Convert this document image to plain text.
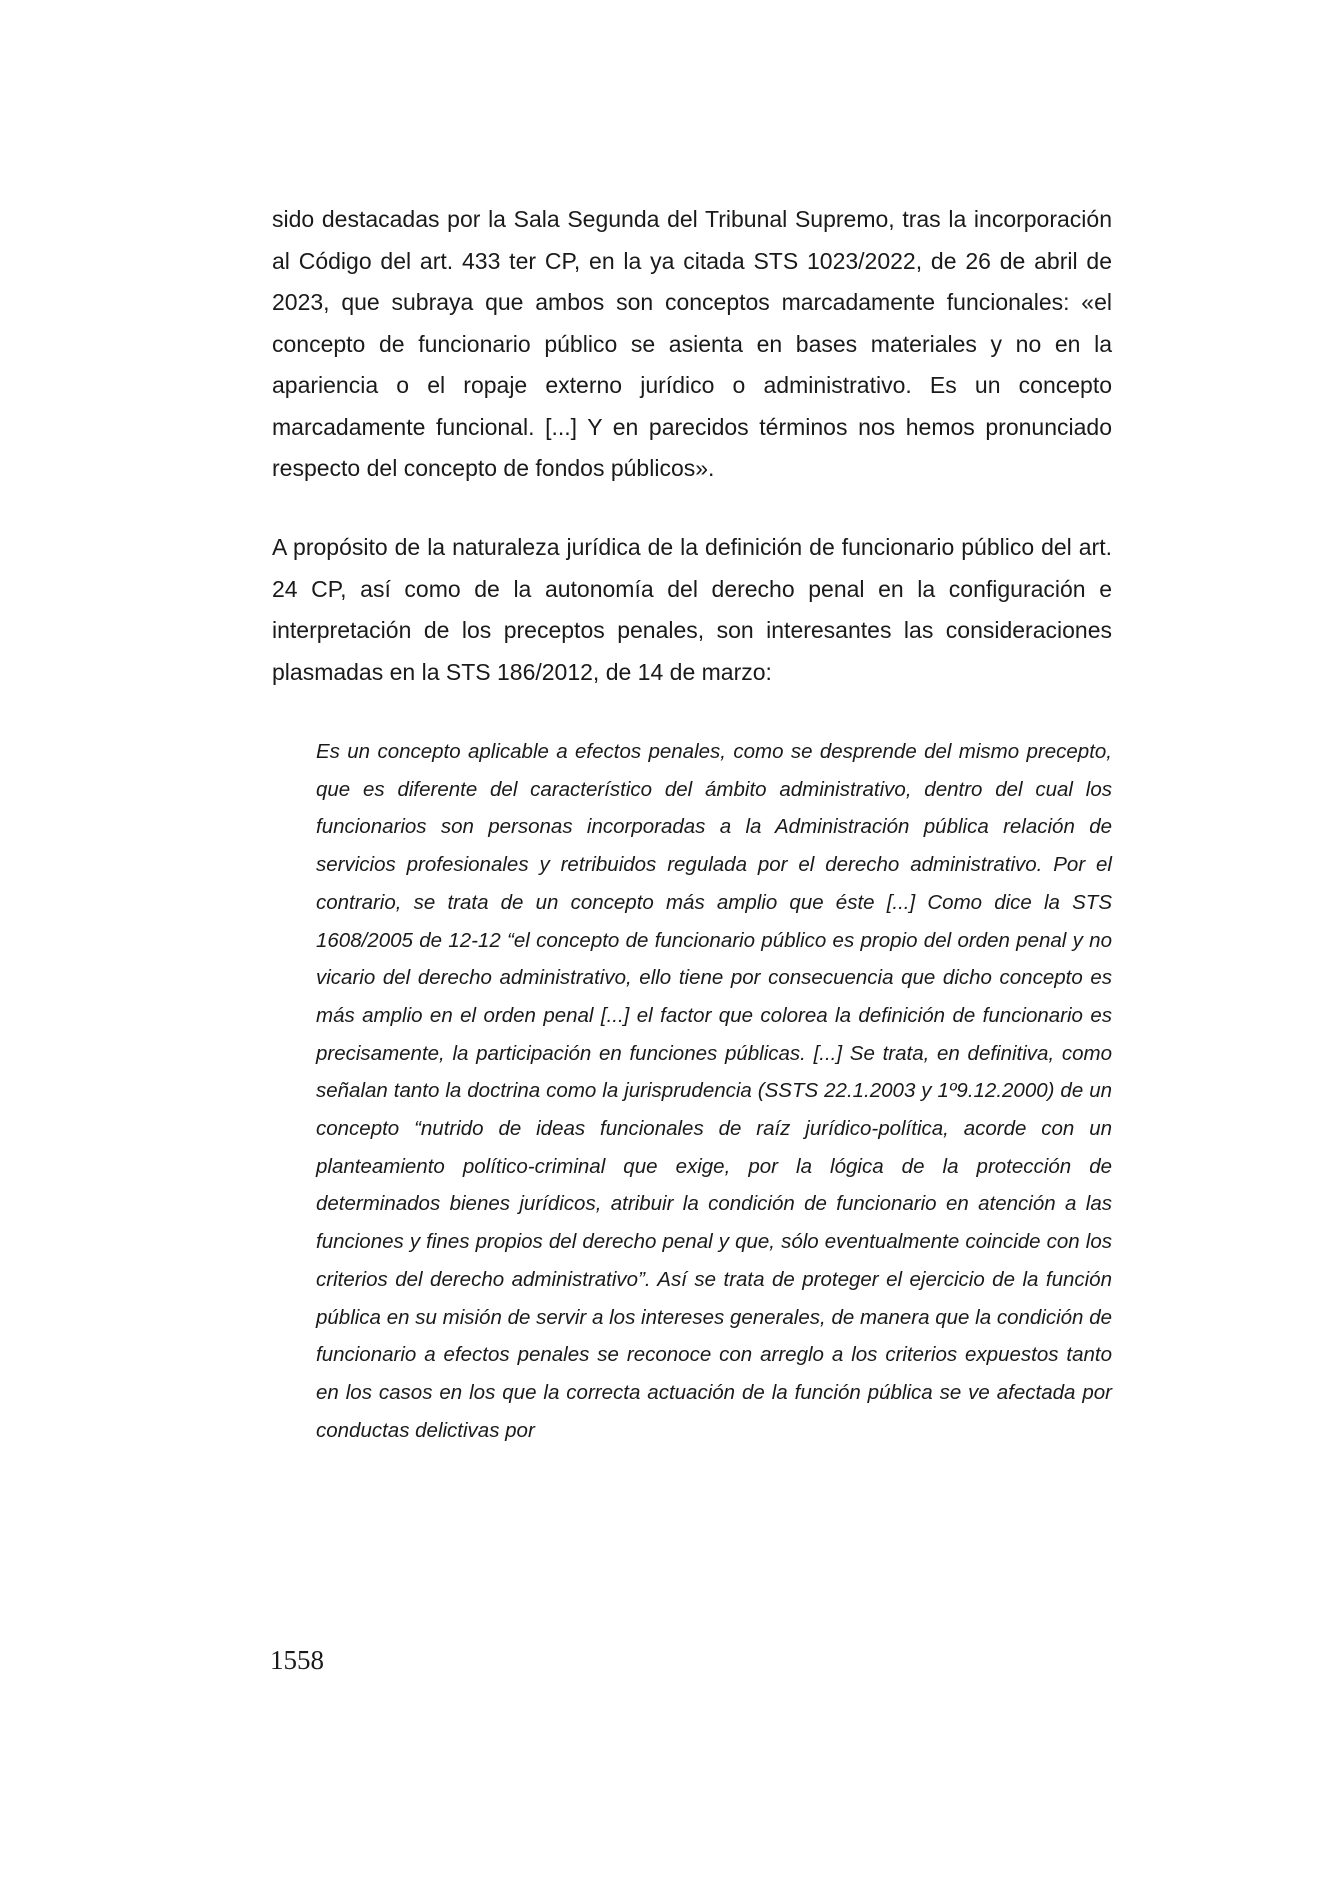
sido destacadas por la Sala Segunda del Tribunal Supremo, tras la incorporación al Código del art. 433 ter CP, en la ya citada STS 1023/2022, de 26 de abril de 2023, que subraya que ambos son conceptos marcadamente funcionales: «el concepto de funcionario público se asienta en bases materiales y no en la apariencia o el ropaje externo jurídico o administrativo. Es un concepto marcadamente funcional. [...] Y en parecidos términos nos hemos pronunciado respecto del concepto de fondos públicos».

A propósito de la naturaleza jurídica de la definición de funcionario público del art. 24 CP, así como de la autonomía del derecho penal en la configuración e interpretación de los preceptos penales, son interesantes las consideraciones plasmadas en la STS 186/2012, de 14 de marzo:

Es un concepto aplicable a efectos penales, como se desprende del mismo precepto, que es diferente del característico del ámbito administrativo, dentro del cual los funcionarios son personas incorporadas a la Administración pública relación de servicios profesionales y retribuidos regulada por el derecho administrativo. Por el contrario, se trata de un concepto más amplio que éste [...] Como dice la STS 1608/2005 de 12-12 “el concepto de funcionario público es propio del orden penal y no vicario del derecho administrativo, ello tiene por consecuencia que dicho concepto es más amplio en el orden penal [...] el factor que colorea la definición de funcionario es precisamente, la participación en funciones públicas. [...] Se trata, en definitiva, como señalan tanto la doctrina como la jurisprudencia (SSTS 22.1.2003 y 1º9.12.2000) de un concepto “nutrido de ideas funcionales de raíz jurídico-política, acorde con un planteamiento político-criminal que exige, por la lógica de la protección de determinados bienes jurídicos, atribuir la condición de funcionario en atención a las funciones y fines propios del derecho penal y que, sólo eventualmente coincide con los criterios del derecho administrativo”. Así se trata de proteger el ejercicio de la función pública en su misión de servir a los intereses generales, de manera que la condición de funcionario a efectos penales se reconoce con arreglo a los criterios expuestos tanto en los casos en los que la correcta actuación de la función pública se ve afectada por conductas delictivas por

1558
